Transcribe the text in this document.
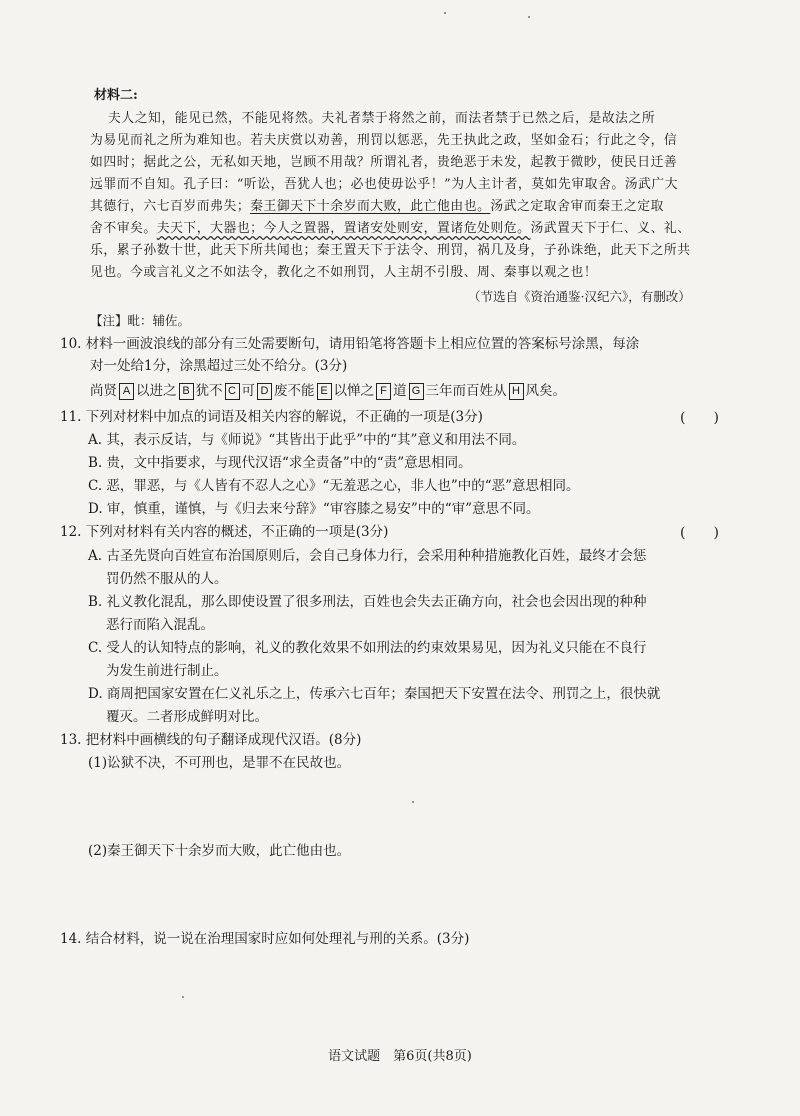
材料二:
夫人之知，能见已然，不能见将然。夫礼者禁于将然之前，而法者禁于已然之后，是故法之所
为易见而礼之所为难知也。若夫庆赏以劝善，刑罚以惩恶，先王执此之政，坚如金石；行此之令，信
如四时；据此之公，无私如天地，岂顾不用哉？所谓礼者，贵绝恶于未发，起教于微眇，使民日迁善
远罪而不自知。孔子曰：“听讼，吾犹人也；必也使毋讼乎！”为人主计者，莫如先审取舍。汤武广大
其德行，六七百岁而弗失；秦王御天下十余岁而大败，此亡他由也。汤武之定取舍审而秦王之定取
舍不审矣。夫天下，大器也；今人之置器，置诸安处则安，置诸危处则危。汤武置天下于仁、义、礼、
乐，累子孙数十世，此天下所共闻也；秦王置天下于法令、刑罚，祸几及身，子孙诛绝，此天下之所共
见也。今或言礼义之不如法令，教化之不如刑罚，人主胡不引殷、周、秦事以观之也！
（节选自《资治通鉴·汉纪六》，有删改）
【注】毗：辅佐。
10. 材料一画波浪线的部分有三处需要断句，请用铅笔将答题卡上相应位置的答案标号涂黑，每涂
对一处给1分，涂黑超过三处不给分。(3分)
尚贤 A 以进之 B 犹不 C 可 D 废不能 E 以惮之 F 道 G 三年而百姓从 H 风矣。
11. 下列对材料中加点的词语及相关内容的解说，不正确的一项是(3分)	(　　)
A. 其，表示反诘，与《师说》“其皆出于此乎”中的“其”意义和用法不同。
B. 贵，文中指要求，与现代汉语“求全责备”中的“责”意思相同。
C. 恶，罪恶，与《人皆有不忍人之心》“无羞恶之心，非人也”中的“恶”意思相同。
D. 审，慎重，谨慎，与《归去来兮辞》“审容膝之易安”中的“审”意思不同。
12. 下列对材料有关内容的概述，不正确的一项是(3分)	(　　)
A. 古圣先贤向百姓宣布治国原则后，会自己身体力行，会采用种种措施教化百姓，最终才会惩
罚仍然不服从的人。
B. 礼义教化混乱，那么即使设置了很多刑法，百姓也会失去正确方向，社会也会因出现的种种
恶行而陷入混乱。
C. 受人的认知特点的影响，礼义的教化效果不如刑法的约束效果易见，因为礼义只能在不良行
为发生前进行制止。
D. 商周把国家安置在仁义礼乐之上，传承六七百年；秦国把天下安置在法令、刑罚之上，很快就
覆灭。二者形成鲜明对比。
13. 把材料中画横线的句子翻译成现代汉语。(8分)
(1)讼狱不决，不可刑也，是罪不在民故也。
(2)秦王御天下十余岁而大败，此亡他由也。
14. 结合材料，说一说在治理国家时应如何处理礼与刑的关系。(3分)
语文试题　第6页(共8页)
